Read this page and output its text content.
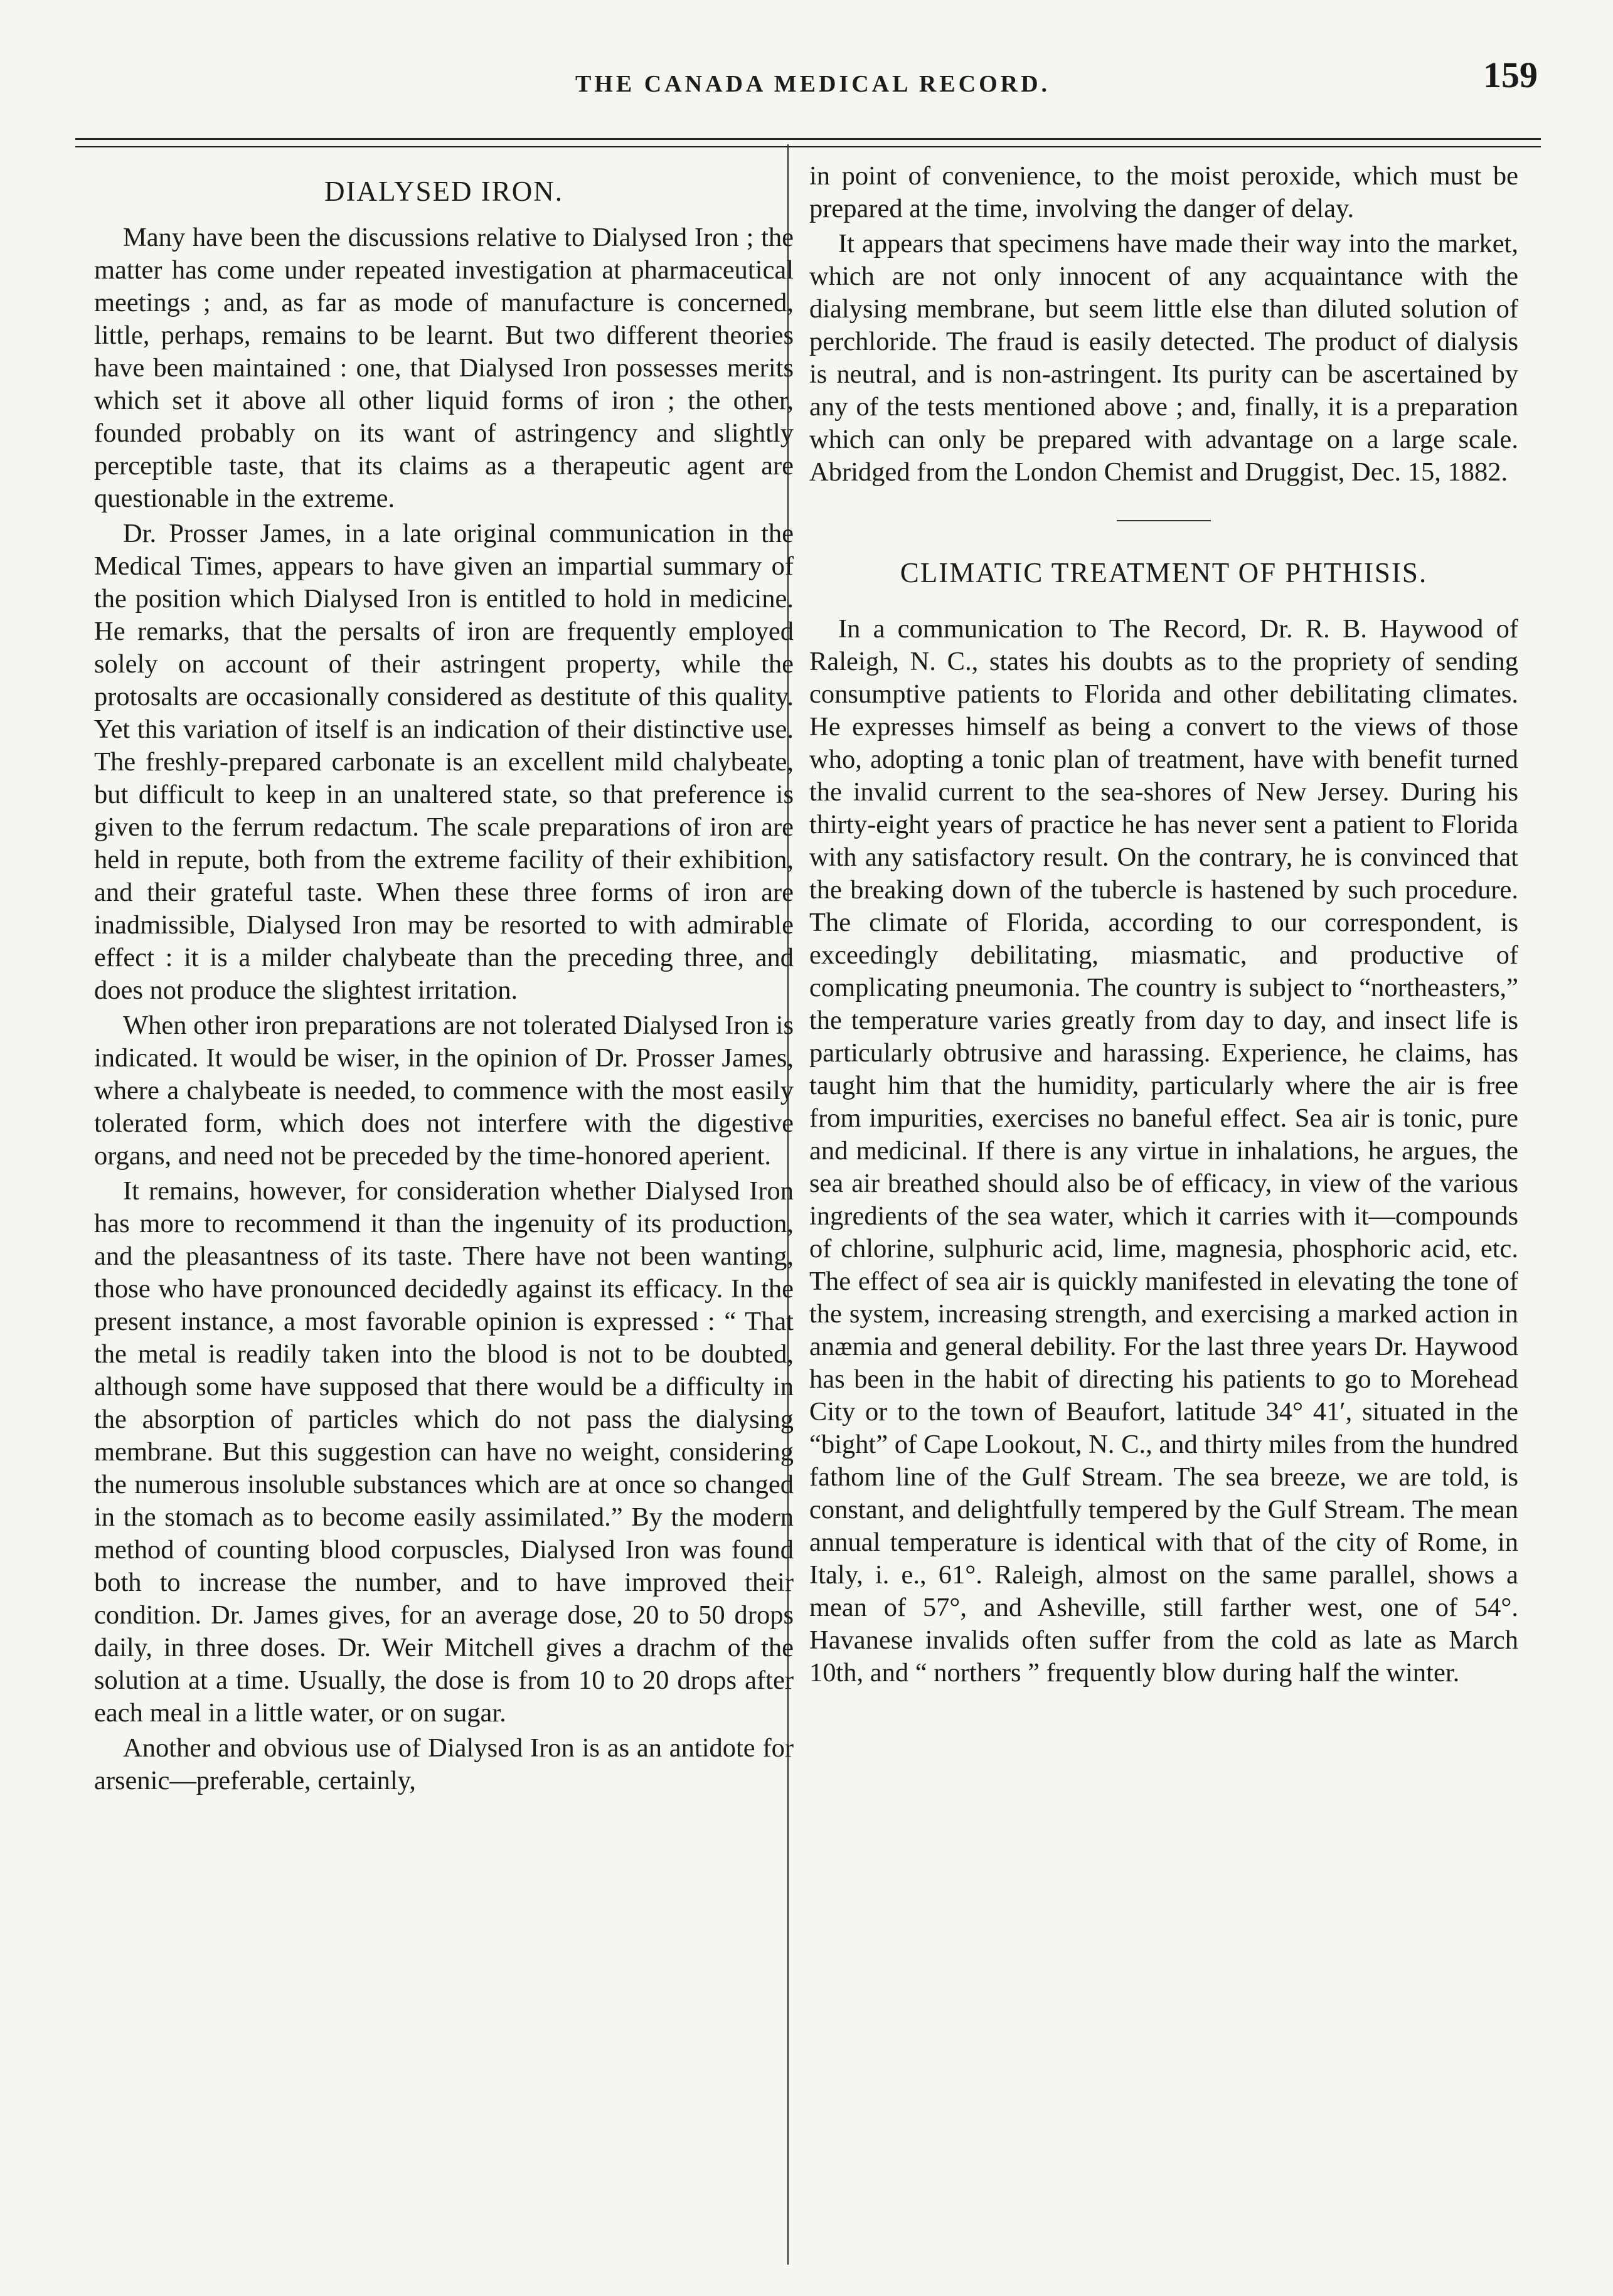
THE CANADA MEDICAL RECORD.	159
DIALYSED IRON.

Many have been the discussions relative to Dialysed Iron ; the matter has come under repeated investigation at pharmaceutical meetings ; and, as far as mode of manufacture is concerned, little, perhaps, remains to be learnt. But two different theories have been maintained : one, that Dialysed Iron possesses merits which set it above all other liquid forms of iron ; the other, founded probably on its want of astringency and slightly perceptible taste, that its claims as a therapeutic agent are questionable in the extreme.

Dr. Prosser James, in a late original communication in the Medical Times, appears to have given an impartial summary of the position which Dialysed Iron is entitled to hold in medicine. He remarks, that the persalts of iron are frequently employed solely on account of their astringent property, while the protosalts are occasionally considered as destitute of this quality. Yet this variation of itself is an indication of their distinctive use. The freshly-prepared carbonate is an excellent mild chalybeate, but difficult to keep in an unaltered state, so that preference is given to the ferrum redactum. The scale preparations of iron are held in repute, both from the extreme facility of their exhibition, and their grateful taste. When these three forms of iron are inadmissible, Dialysed Iron may be resorted to with admirable effect : it is a milder chalybeate than the preceding three, and does not produce the slightest irritation.

When other iron preparations are not tolerated Dialysed Iron is indicated. It would be wiser, in the opinion of Dr. Prosser James, where a chalybeate is needed, to commence with the most easily tolerated form, which does not interfere with the digestive organs, and need not be preceded by the time-honored aperient.

It remains, however, for consideration whether Dialysed Iron has more to recommend it than the ingenuity of its production, and the pleasantness of its taste. There have not been wanting, those who have pronounced decidedly against its efficacy. In the present instance, a most favorable opinion is expressed : “ That the metal is readily taken into the blood is not to be doubted, although some have supposed that there would be a difficulty in the absorption of particles which do not pass the dialysing membrane. But this suggestion can have no weight, considering the numerous insoluble substances which are at once so changed in the stomach as to become easily assimilated.” By the modern method of counting blood corpuscles, Dialysed Iron was found both to increase the number, and to have improved their condition. Dr. James gives, for an average dose, 20 to 50 drops daily, in three doses. Dr. Weir Mitchell gives a drachm of the solution at a time. Usually, the dose is from 10 to 20 drops after each meal in a little water, or on sugar.

Another and obvious use of Dialysed Iron is as an antidote for arsenic—preferable, certainly,

in point of convenience, to the moist peroxide, which must be prepared at the time, involving the danger of delay.

It appears that specimens have made their way into the market, which are not only innocent of any acquaintance with the dialysing membrane, but seem little else than diluted solution of perchloride. The fraud is easily detected. The product of dialysis is neutral, and is non-astringent. Its purity can be ascertained by any of the tests mentioned above ; and, finally, it is a preparation which can only be prepared with advantage on a large scale. Abridged from the London Chemist and Druggist, Dec. 15, 1882.

CLIMATIC TREATMENT OF PHTHISIS.

In a communication to The Record, Dr. R. B. Haywood of Raleigh, N. C., states his doubts as to the propriety of sending consumptive patients to Florida and other debilitating climates. He expresses himself as being a convert to the views of those who, adopting a tonic plan of treatment, have with benefit turned the invalid current to the sea-shores of New Jersey. During his thirty-eight years of practice he has never sent a patient to Florida with any satisfactory result. On the contrary, he is convinced that the breaking down of the tubercle is hastened by such procedure. The climate of Florida, according to our correspondent, is exceedingly debilitating, miasmatic, and productive of complicating pneumonia. The country is subject to “northeasters,” the temperature varies greatly from day to day, and insect life is particularly obtrusive and harassing. Experience, he claims, has taught him that the humidity, particularly where the air is free from impurities, exercises no baneful effect. Sea air is tonic, pure and medicinal. If there is any virtue in inhalations, he argues, the sea air breathed should also be of efficacy, in view of the various ingredients of the sea water, which it carries with it—compounds of chlorine, sulphuric acid, lime, magnesia, phosphoric acid, etc. The effect of sea air is quickly manifested in elevating the tone of the system, increasing strength, and exercising a marked action in anæmia and general debility. For the last three years Dr. Haywood has been in the habit of directing his patients to go to Morehead City or to the town of Beaufort, latitude 34° 41′, situated in the “bight” of Cape Lookout, N. C., and thirty miles from the hundred fathom line of the Gulf Stream. The sea breeze, we are told, is constant, and delightfully tempered by the Gulf Stream. The mean annual temperature is identical with that of the city of Rome, in Italy, i. e., 61°. Raleigh, almost on the same parallel, shows a mean of 57°, and Asheville, still farther west, one of 54°. Havanese invalids often suffer from the cold as late as March 10th, and “ northers ” frequently blow during half the winter.
